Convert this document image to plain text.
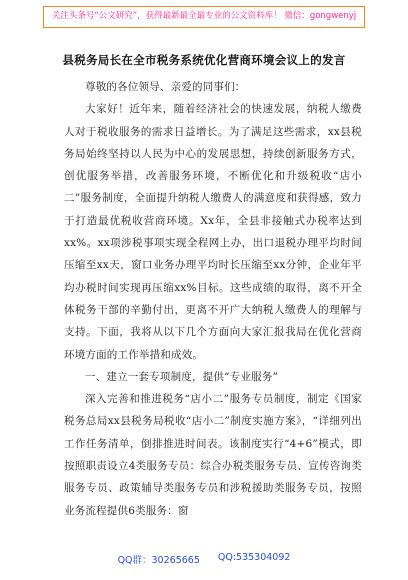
关注头条号“公文研究”，获得最新最全最专业的公文资料库！ 微信：gongwenyj
县税务局长在全市税务系统优化营商环境会议上的发言

尊敬的各位领导、亲爱的同事们：

大家好！近年来，随着经济社会的快速发展，纳税人缴费人对于税收服务的需求日益增长。为了满足这些需求，xx县税务局始终坚持以人民为中心的发展思想，持续创新服务方式，创优服务举措，改善服务环境，不断优化和升级税收“店小二”服务制度，全面提升纳税人缴费人的满意度和获得感，致力于打造最优税收营商环境。Xx年，全县非接触式办税率达到xx%。xx项涉税事项实现全程网上办，出口退税办理平均时间压缩至xx天，窗口业务办理平均时长压缩至xx分钟，企业年平均办税时间实现再压缩xx%目标。这些成绩的取得，离不开全体税务干部的辛勤付出，更离不开广大纳税人缴费人的理解与支持。下面，我将从以下几个方面向大家汇报我局在优化营商环境方面的工作举措和成效。

一、建立一套专项制度，提供“专业服务”

深入完善和推进税务“店小二”服务专员制度，制定《国家税务总局xx县税务局税收“店小二”制度实施方案》，“详细列出工作任务清单，倒排推进时间表。该制度实行“4+6”模式，即按照职责设立4类服务专员：综合办税类服务专员、宣传咨询类服务专员、政策辅导类服务专员和涉税援助类服务专员，按照业务流程提供6类服务：窗

QQ群：30265665 QQ:535304092
